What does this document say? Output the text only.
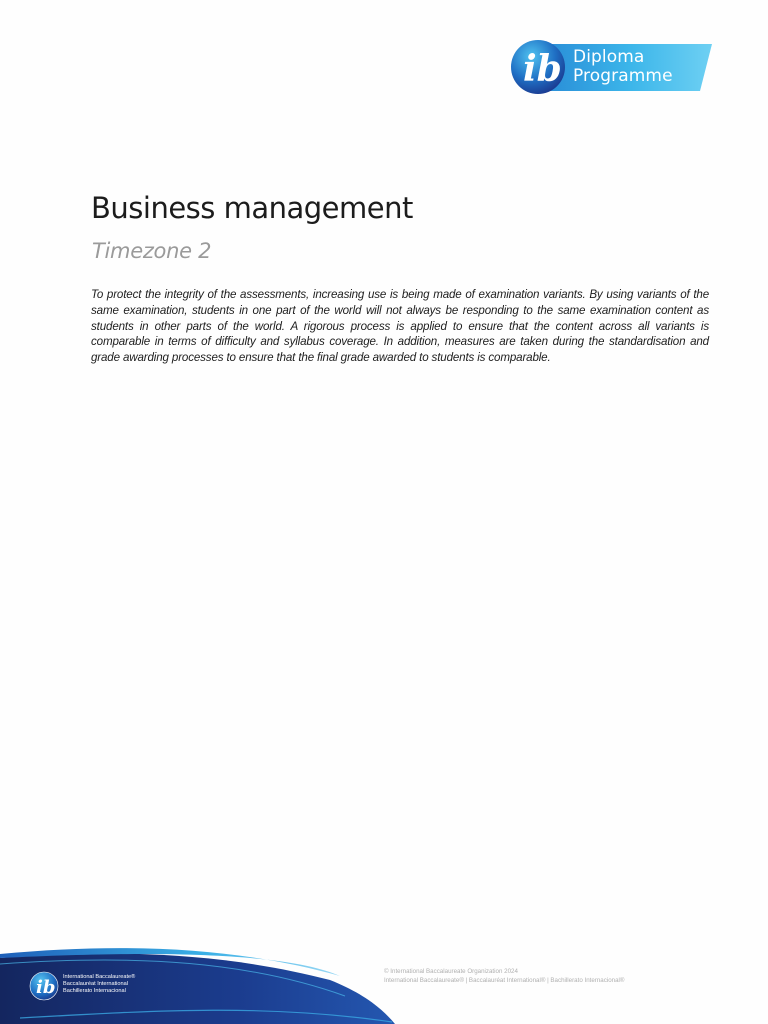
ib Diploma
Programme
Business management
Timezone 2

To protect the integrity of the assessments, increasing use is being made of examination variants. By using variants of the same examination, students in one part of the world will not always be responding to the same examination content as students in other parts of the world. A rigorous process is applied to ensure that the content across all variants is comparable in terms of difficulty and syllabus coverage. In addition, measures are taken during the standardisation and grade awarding processes to ensure that the final grade awarded to students is comparable.

ib International Baccalaureate®
Baccalauréat International
Bachillerato Internacional
© International Baccalaureate Organization 2024
International Baccalaureate® | Baccalauréat International® | Bachillerato Internacional®
